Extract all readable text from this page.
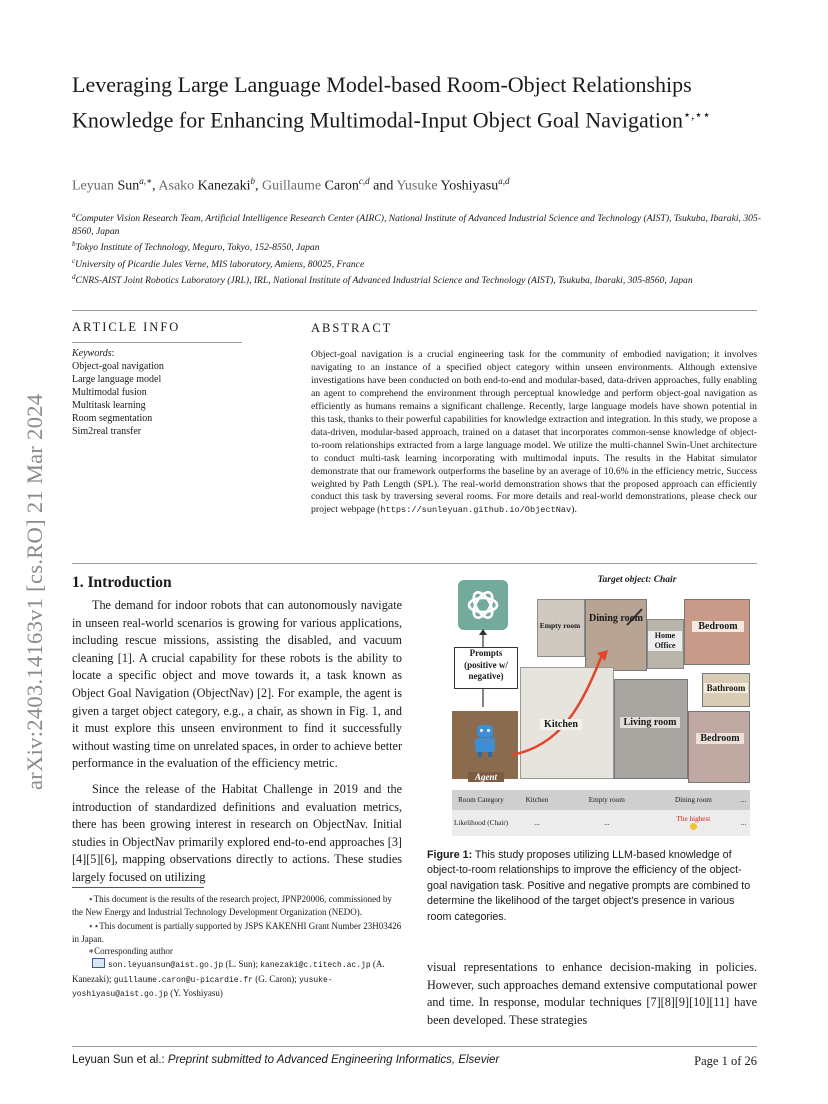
Leveraging Large Language Model-based Room-Object Relationships Knowledge for Enhancing Multimodal-Input Object Goal Navigation⋆,⋆⋆
Leyuan Sun$^{a,∗}$, Asako Kanezaki$^b$, Guillaume Caron$^{c,d}$ and Yusuke Yoshiyasu$^{a,d}$
$^a$Computer Vision Research Team, Artificial Intelligence Research Center (AIRC), National Institute of Advanced Industrial Science and Technology (AIST), Tsukuba, Ibaraki, 305-8560, Japan
$^b$Tokyo Institute of Technology, Meguro, Tokyo, 152-8550, Japan
$^c$University of Picardie Jules Verne, MIS laboratory, Amiens, 80025, France
$^d$CNRS-AIST Joint Robotics Laboratory (JRL), IRL, National Institute of Advanced Industrial Science and Technology (AIST), Tsukuba, Ibaraki, 305-8560, Japan
arXiv:2403.14163v1 [cs.RO] 21 Mar 2024
ARTICLE INFO	ABSTRACT
Keywords:
Object-goal navigation
Large language model
Multimodal fusion
Multitask learning
Room segmentation
Sim2real transfer
Object-goal navigation is a crucial engineering task for the community of embodied navigation; it involves navigating to an instance of a specified object category within unseen environments. Although extensive investigations have been conducted on both end-to-end and modular-based, data-driven approaches, fully enabling an agent to comprehend the environment through perceptual knowledge and perform object-goal navigation as efficiently as humans remains a significant challenge. Recently, large language models have shown potential in this task, thanks to their powerful capabilities for knowledge extraction and integration. In this study, we propose a data-driven, modular-based approach, trained on a dataset that incorporates common-sense knowledge of object-to-room relationships extracted from a large language model. We utilize the multi-channel Swin-Unet architecture to conduct multi-task learning incorporating with multimodal inputs. The results in the Habitat simulator demonstrate that our framework outperforms the baseline by an average of 10.6% in the efficiency metric, Success weighted by Path Length (SPL). The real-world demonstration shows that the proposed approach can efficiently conduct this task by traversing several rooms. For more details and real-world demonstrations, please check our project webpage (https://sunleyuan.github.io/ObjectNav).
1. Introduction
The demand for indoor robots that can autonomously navigate in unseen real-world scenarios is growing for various applications, including rescue missions, assisting the disabled, and vacuum cleaning [1]. A crucial capability for these robots is the ability to locate a specific object and move towards it, a task known as Object Goal Navigation (ObjectNav) [2]. For example, the agent is given a target object category, e.g., a chair, as shown in Fig. 1, and it must explore this unseen environment to find it successfully without wasting time on unrelated spaces, in order to achieve better performance in the evaluation of the efficiency metric.
Since the release of the Habitat Challenge in 2019 and the introduction of standardized definitions and evaluation metrics, there has been growing interest in research on ObjectNav. Initial studies in ObjectNav primarily explored end-to-end approaches [3][4][5][6], mapping observations directly to actions. These studies largely focused on utilizing
⋆This document is the results of the research project, JPNP20006, commissioned by the New Energy and Industrial Technology Development Organization (NEDO).
⋆⋆This document is partially supported by JSPS KAKENHI Grant Number 23H03426 in Japan.
∗Corresponding author
son.leyuansun@aist.go.jp (L. Sun); kanezaki@c.titech.ac.jp (A. Kanezaki); guillaume.caron@u-picardie.fr (G. Caron); yusuke-yoshiyasu@aist.go.jp (Y. Yoshiyasu)
Target object: Chair
Prompts (positive w/ negative)
Empty room
Dining room
Home Office
Bedroom
Bathroom
Kitchen	Living room
Bedroom
Agent
Room Category	Kitchen	Empty room	Dining room	...
Likelihood (Chair)	...	...	The highest	...
Figure 1: This study proposes utilizing LLM-based knowledge of object-to-room relationships to improve the efficiency of the object-goal navigation task. Positive and negative prompts are combined to determine the likelihood of the target object's presence in various room categories.
visual representations to enhance decision-making in policies. However, such approaches demand extensive computational power and time. In response, modular techniques [7][8][9][10][11] have been developed. These strategies
Leyuan Sun et al.: Preprint submitted to Advanced Engineering Informatics, Elsevier	Page 1 of 26
